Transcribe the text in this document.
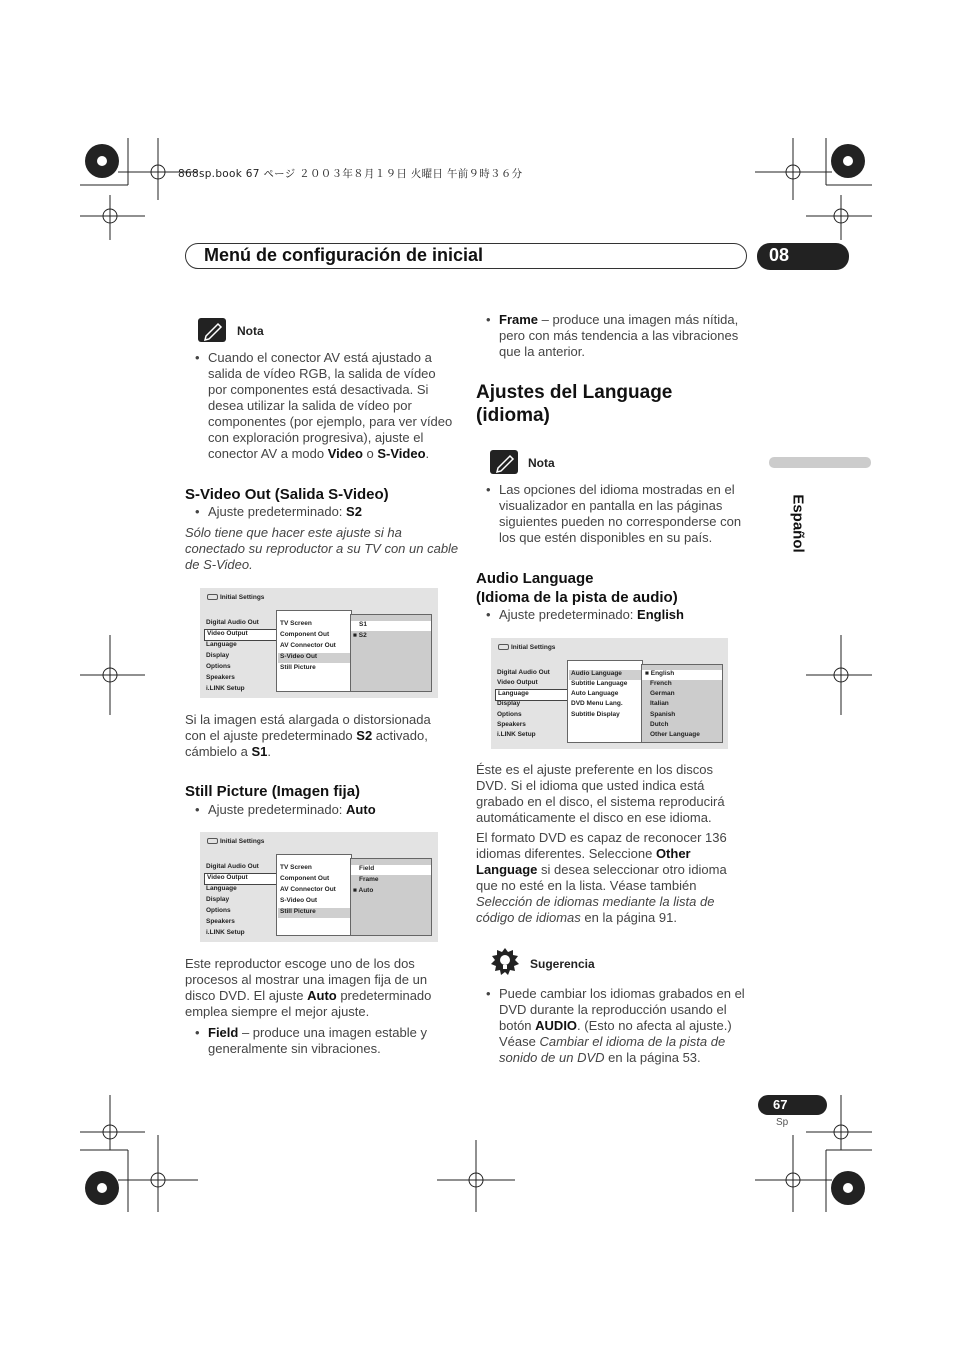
868sp.book 67 ページ ２００３年８月１９日 火曜日 午前９時３６分
Menú de configuración de inicial	08
Nota
• Cuando el conector AV está ajustado a salida de vídeo RGB, la salida de vídeo por componentes está desactivada. Si desea utilizar la salida de vídeo por componentes (por ejemplo, para ver vídeo con exploración progresiva), ajuste el conector AV a modo Video o S-Video.
S-Video Out (Salida S-Video)
• Ajuste predeterminado: S2
Sólo tiene que hacer este ajuste si ha conectado su reproductor a su TV con un cable de S-Video.
Initial Settings
Digital Audio Out
Video Output
Language
Display
Options
Speakers
i.LINK Setup
TV Screen
Component Out
AV Connector Out
S-Video Out
Still Picture
S1
■ S2
Si la imagen está alargada o distorsionada con el ajuste predeterminado S2 activado, cámbielo a S1.
Still Picture (Imagen fija)
• Ajuste predeterminado: Auto
Initial Settings
Digital Audio Out
Video Output
Language
Display
Options
Speakers
i.LINK Setup
TV Screen
Component Out
AV Connector Out
S-Video Out
Still Picture
Field
Frame
■ Auto
Este reproductor escoge uno de los dos procesos al mostrar una imagen fija de un disco DVD. El ajuste Auto predeterminado emplea siempre el mejor ajuste.
• Field – produce una imagen estable y generalmente sin vibraciones.
• Frame – produce una imagen más nítida, pero con más tendencia a las vibraciones que la anterior.
Ajustes del Language (idioma)
Nota
• Las opciones del idioma mostradas en el visualizador en pantalla en las páginas siguientes pueden no corresponderse con los que estén disponibles en su país.
Audio Language
(Idioma de la pista de audio)
• Ajuste predeterminado: English
Initial Settings
Digital Audio Out
Video Output
Language
Display
Options
Speakers
i.LINK Setup
Audio Language
Subtitle Language
Auto Language
DVD Menu Lang.
Subtitle Display
■ English
French
German
Italian
Spanish
Dutch
Other Language
Éste es el ajuste preferente en los discos DVD. Si el idioma que usted indica está grabado en el disco, el sistema reproducirá automáticamente el disco en ese idioma.
El formato DVD es capaz de reconocer 136 idiomas diferentes. Seleccione Other Language si desea seleccionar otro idioma que no esté en la lista. Véase también Selección de idiomas mediante la lista de código de idiomas en la página 91.
Sugerencia
• Puede cambiar los idiomas grabados en el DVD durante la reproducción usando el botón AUDIO. (Esto no afecta al ajuste.) Véase Cambiar el idioma de la pista de sonido de un DVD en la página 53.
Español
67
Sp
